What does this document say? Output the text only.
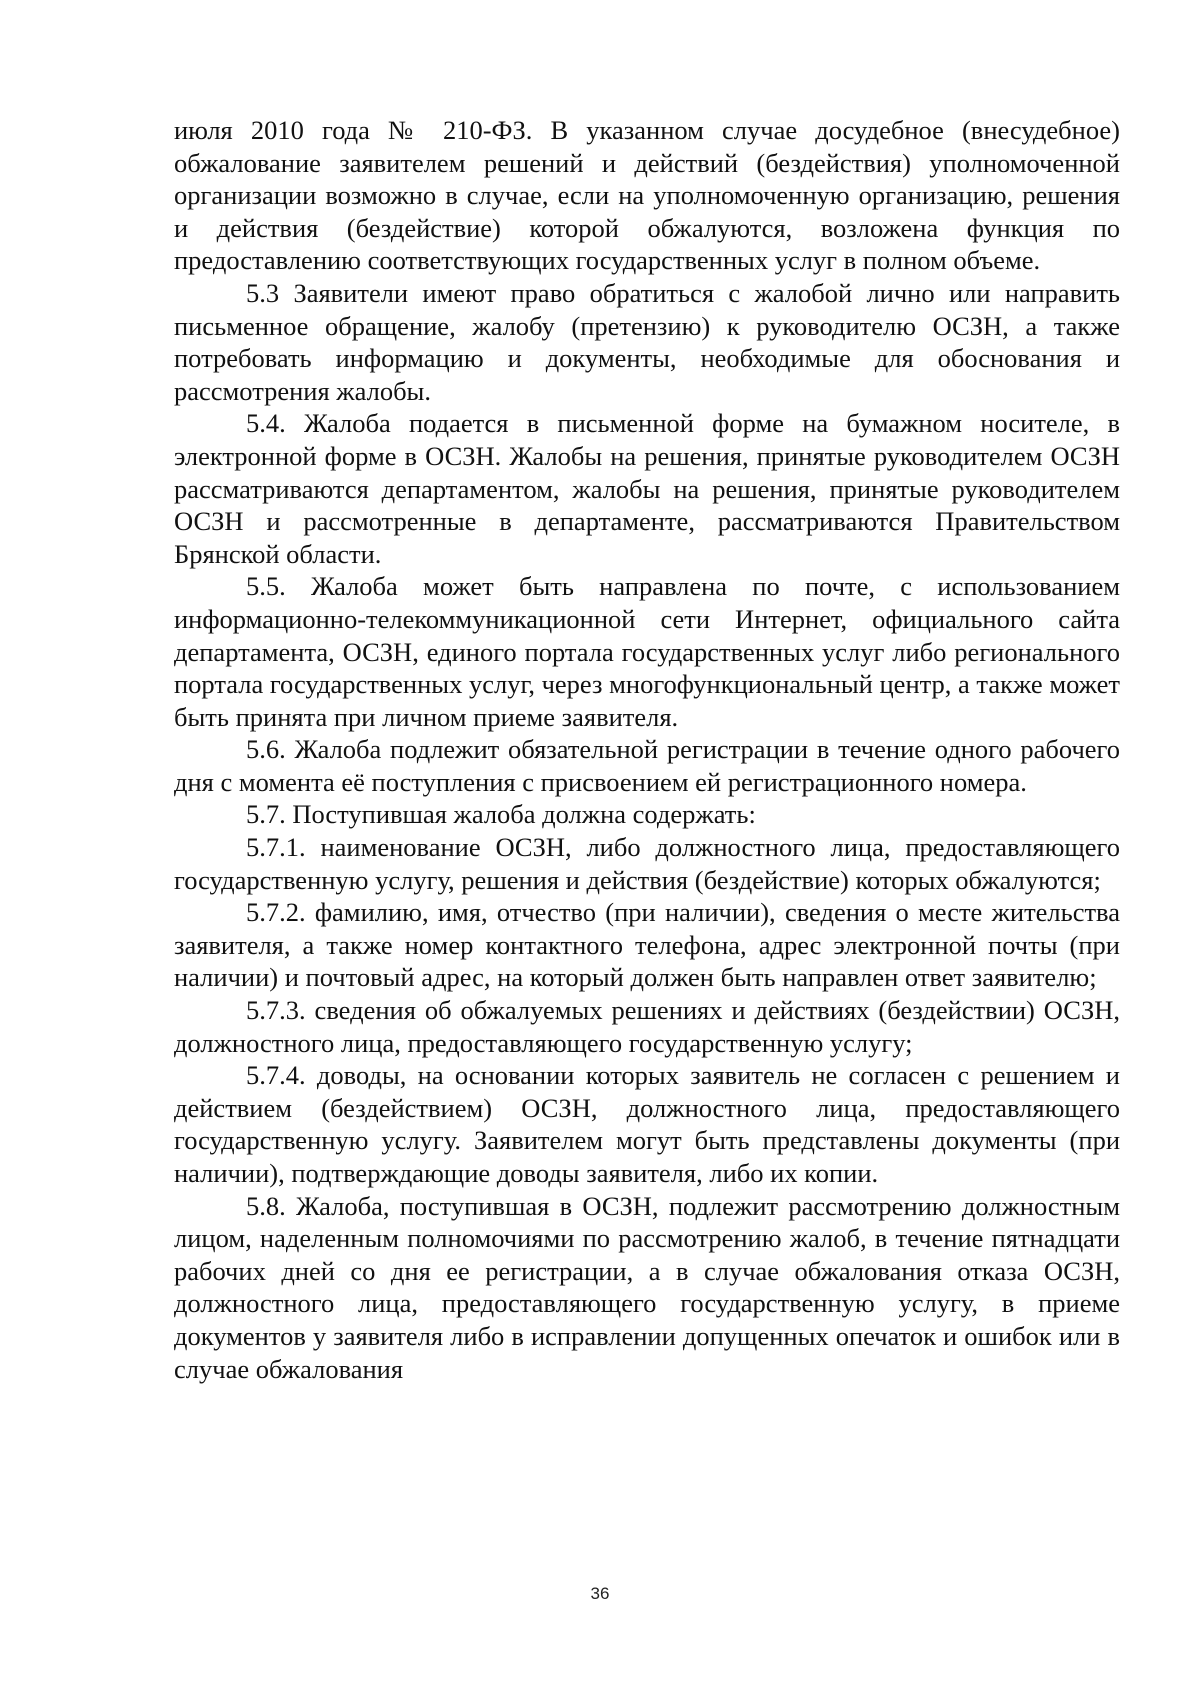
июля 2010 года № 210-ФЗ. В указанном случае досудебное (внесудебное) обжалование заявителем решений и действий (бездействия) уполномоченной организации возможно в случае, если на уполномоченную организацию, решения и действия (бездействие) которой обжалуются, возложена функция по предоставлению соответствующих государственных услуг в полном объеме.

5.3 Заявители имеют право обратиться с жалобой лично или направить письменное обращение, жалобу (претензию) к руководителю ОСЗН, а также потребовать информацию и документы, необходимые для обоснования и рассмотрения жалобы.

5.4. Жалоба подается в письменной форме на бумажном носителе, в электронной форме в ОСЗН. Жалобы на решения, принятые руководителем ОСЗН рассматриваются департаментом, жалобы на решения, принятые руководителем ОСЗН и рассмотренные в департаменте, рассматриваются Правительством Брянской области.

5.5. Жалоба может быть направлена по почте, с использованием информационно-телекоммуникационной сети Интернет, официального сайта департамента, ОСЗН, единого портала государственных услуг либо регионального портала государственных услуг, через многофункциональный центр, а также может быть принята при личном приеме заявителя.

5.6. Жалоба подлежит обязательной регистрации в течение одного рабочего дня с момента её поступления с присвоением ей регистрационного номера.

5.7. Поступившая жалоба должна содержать:

5.7.1. наименование ОСЗН, либо должностного лица, предоставляющего государственную услугу, решения и действия (бездействие) которых обжалуются;

5.7.2. фамилию, имя, отчество (при наличии), сведения о месте жительства заявителя, а также номер контактного телефона, адрес электронной почты (при наличии) и почтовый адрес, на который должен быть направлен ответ заявителю;

5.7.3. сведения об обжалуемых решениях и действиях (бездействии) ОСЗН, должностного лица, предоставляющего государственную услугу;

5.7.4. доводы, на основании которых заявитель не согласен с решением и действием (бездействием) ОСЗН, должностного лица, предоставляющего государственную услугу. Заявителем могут быть представлены документы (при наличии), подтверждающие доводы заявителя, либо их копии.

5.8. Жалоба, поступившая в ОСЗН, подлежит рассмотрению должностным лицом, наделенным полномочиями по рассмотрению жалоб, в течение пятнадцати рабочих дней со дня ее регистрации, а в случае обжалования отказа ОСЗН, должностного лица, предоставляющего государственную услугу, в приеме документов у заявителя либо в исправлении допущенных опечаток и ошибок или в случае обжалования

36
